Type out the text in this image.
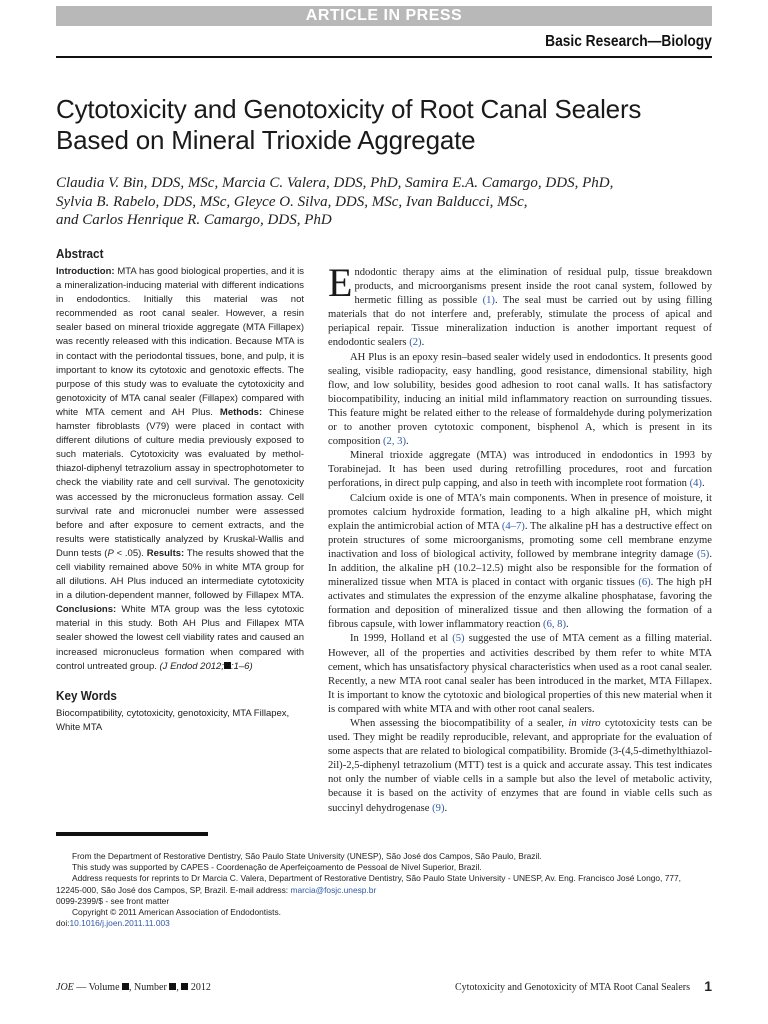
ARTICLE IN PRESS
Basic Research—Biology
Cytotoxicity and Genotoxicity of Root Canal Sealers Based on Mineral Trioxide Aggregate
Claudia V. Bin, DDS, MSc, Marcia C. Valera, DDS, PhD, Samira E.A. Camargo, DDS, PhD,
Sylvia B. Rabelo, DDS, MSc, Gleyce O. Silva, DDS, MSc, Ivan Balducci, MSc,
and Carlos Henrique R. Camargo, DDS, PhD
Abstract

Introduction: MTA has good biological properties, and it is a mineralization-inducing material with different indications in endodontics. Initially this material was not recommended as root canal sealer. However, a resin sealer based on mineral trioxide aggregate (MTA Fillapex) was recently released with this indication. Because MTA is in contact with the periodontal tissues, bone, and pulp, it is important to know its cytotoxic and genotoxic effects. The purpose of this study was to evaluate the cytotoxicity and genotoxicity of MTA canal sealer (Fillapex) compared with white MTA cement and AH Plus. Methods: Chinese hamster fibroblasts (V79) were placed in contact with different dilutions of culture media previously exposed to such materials. Cytotoxicity was evaluated by methol-thiazol-diphenyl tetrazolium assay in spectrophotometer to check the viability rate and cell survival. The genotoxicity was accessed by the micronucleus formation assay. Cell survival rate and micronuclei number were assessed before and after exposure to cement extracts, and the results were statistically analyzed by Kruskal-Wallis and Dunn tests (P < .05). Results: The results showed that the cell viability remained above 50% in white MTA group for all dilutions. AH Plus induced an intermediate cytotoxicity in a dilution-dependent manner, followed by Fillapex MTA. Conclusions: White MTA group was the less cytotoxic material in this study. Both AH Plus and Fillapex MTA sealer showed the lowest cell viability rates and caused an increased micronucleus formation when compared with control untreated group. (J Endod 2012; :1–6)

Key Words

Biocompatibility, cytotoxicity, genotoxicity, MTA Fillapex, White MTA

Endodontic therapy aims at the elimination of residual pulp, tissue breakdown products, and microorganisms present inside the root canal system, followed by hermetic filling as possible (1). The seal must be carried out by using filling materials that do not interfere and, preferably, stimulate the process of apical and periapical repair. Tissue mineralization induction is another important request of endodontic sealers (2).

AH Plus is an epoxy resin–based sealer widely used in endodontics. It presents good sealing, visible radiopacity, easy handling, good resistance, dimensional stability, high flow, and low solubility, besides good adhesion to root canal walls. It has satisfactory biocompatibility, inducing an initial mild inflammatory reaction on surrounding tissues. This feature might be related either to the release of formaldehyde during polymerization or to another proven cytotoxic component, bisphenol A, which is present in its composition (2, 3).

Mineral trioxide aggregate (MTA) was introduced in endodontics in 1993 by Torabinejad. It has been used during retrofilling procedures, root and furcation perforations, in direct pulp capping, and also in teeth with incomplete root formation (4).

Calcium oxide is one of MTA's main components. When in presence of moisture, it promotes calcium hydroxide formation, leading to a high alkaline pH, which might explain the antimicrobial action of MTA (4–7). The alkaline pH has a destructive effect on protein structures of some microorganisms, promoting some cell membrane enzyme inactivation and loss of biological activity, followed by membrane integrity damage (5). In addition, the alkaline pH (10.2–12.5) might also be responsible for the formation of mineralized tissue when MTA is placed in contact with organic tissues (6). The high pH activates and stimulates the expression of the enzyme alkaline phosphatase, favoring the formation and deposition of mineralized tissue and then allowing the formation of a fibrous capsule, with lower inflammatory reaction (6, 8).

In 1999, Holland et al (5) suggested the use of MTA cement as a filling material. However, all of the properties and activities described by them refer to white MTA cement, which has unsatisfactory physical characteristics when used as a root canal sealer. Recently, a new MTA root canal sealer has been introduced in the market, MTA Fillapex. It is important to know the cytotoxic and biological properties of this new material when it is compared with white MTA and with other root canal sealers.

When assessing the biocompatibility of a sealer, in vitro cytotoxicity tests can be used. They might be readily reproducible, relevant, and appropriate for the evaluation of some aspects that are related to biological compatibility. Bromide (3-(4,5-dimethylthiazol-2il)-2,5-diphenyl tetrazolium (MTT) test is a quick and accurate assay. This test indicates not only the number of viable cells in a sample but also the level of metabolic activity, because it is based on the activity of enzymes that are found in viable cells such as succinyl dehydrogenase (9).

From the Department of Restorative Dentistry, São Paulo State University (UNESP), São José dos Campos, São Paulo, Brazil.
This study was supported by CAPES - Coordenação de Aperfeiçoamento de Pessoal de Nível Superior, Brazil.
Address requests for reprints to Dr Marcia C. Valera, Department of Restorative Dentistry, São Paulo State University - UNESP, Av. Eng. Francisco José Longo, 777,
12245-000, São José dos Campos, SP, Brazil. E-mail address: marcia@fosjc.unesp.br
0099-2399/$ - see front matter
Copyright © 2011 American Association of Endodontists.
doi:10.1016/j.joen.2011.11.003
JOE — Volume , Number ,  2012	Cytotoxicity and Genotoxicity of MTA Root Canal Sealers 1
